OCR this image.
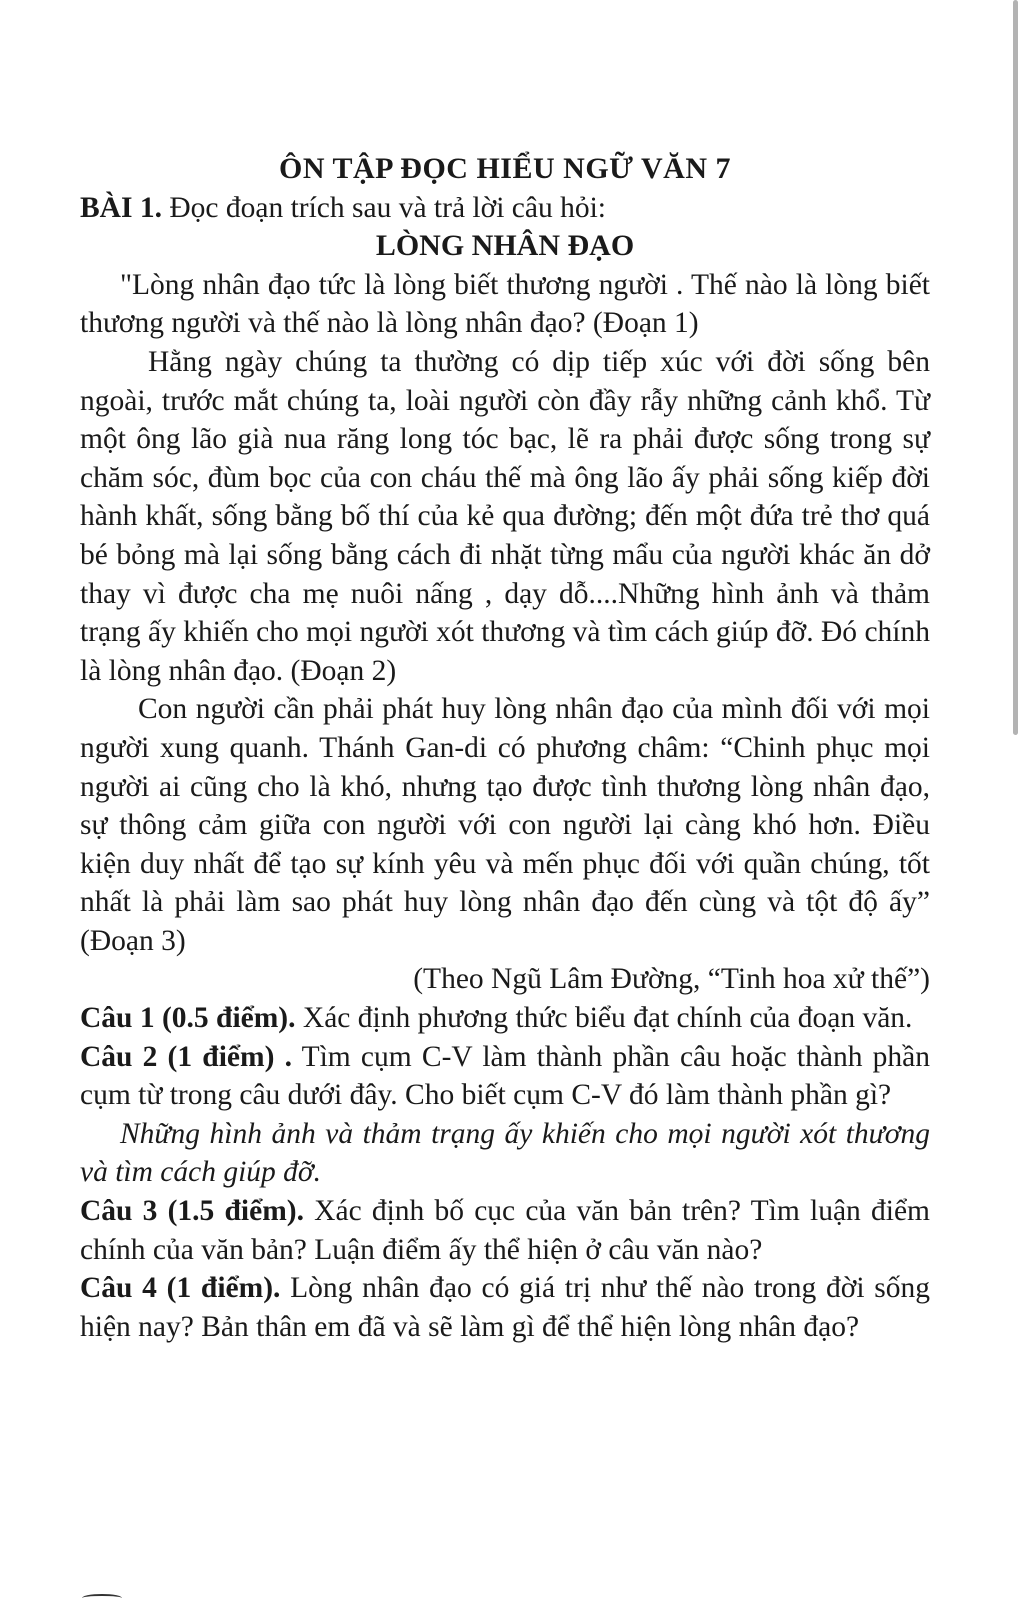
ÔN TẬP ĐỌC HIỂU NGỮ VĂN 7

BÀI 1. Đọc đoạn trích sau và trả lời câu hỏi:

LÒNG NHÂN ĐẠO

"Lòng nhân đạo tức là lòng biết thương người . Thế nào là lòng biết thương người và thế nào là lòng nhân đạo? (Đoạn 1)

Hằng ngày chúng ta thường có dịp tiếp xúc với đời sống bên ngoài, trước mắt chúng ta, loài người còn đầy rẫy những cảnh khổ. Từ một ông lão già nua răng long tóc bạc, lẽ ra phải được sống trong sự chăm sóc, đùm bọc của con cháu thế mà ông lão ấy phải sống kiếp đời hành khất, sống bằng bố thí của kẻ qua đường; đến một đứa trẻ thơ quá bé bỏng mà lại sống bằng cách đi nhặt từng mẩu của người khác ăn dở thay vì được cha mẹ nuôi nấng , dạy dỗ....Những hình ảnh và thảm trạng ấy khiến cho mọi người xót thương và tìm cách giúp đỡ. Đó chính là lòng nhân đạo. (Đoạn 2)

Con người cần phải phát huy lòng nhân đạo của mình đối với mọi người xung quanh. Thánh Gan-di có phương châm: “Chinh phục mọi người ai cũng cho là khó, nhưng tạo được tình thương lòng nhân đạo, sự thông cảm giữa con người với con người lại càng khó hơn. Điều kiện duy nhất để tạo sự kính yêu và mến phục đối với quần chúng, tốt nhất là phải làm sao phát huy lòng nhân đạo đến cùng và tột độ ấy” (Đoạn 3)

(Theo Ngũ Lâm Đường, “Tinh hoa xử thế”)

Câu 1 (0.5 điểm). Xác định phương thức biểu đạt chính của đoạn văn.

Câu 2 (1 điểm) . Tìm cụm C-V làm thành phần câu hoặc thành phần cụm từ trong câu dưới đây. Cho biết cụm C-V đó làm thành phần gì?

Những hình ảnh và thảm trạng ấy khiến cho mọi người xót thương và tìm cách giúp đỡ.

Câu 3 (1.5 điểm). Xác định bố cục của văn bản trên? Tìm luận điểm chính của văn bản? Luận điểm ấy thể hiện ở câu văn nào?

Câu 4 (1 điểm). Lòng nhân đạo có giá trị như thế nào trong đời sống hiện nay? Bản thân em đã và sẽ làm gì để thể hiện lòng nhân đạo?
